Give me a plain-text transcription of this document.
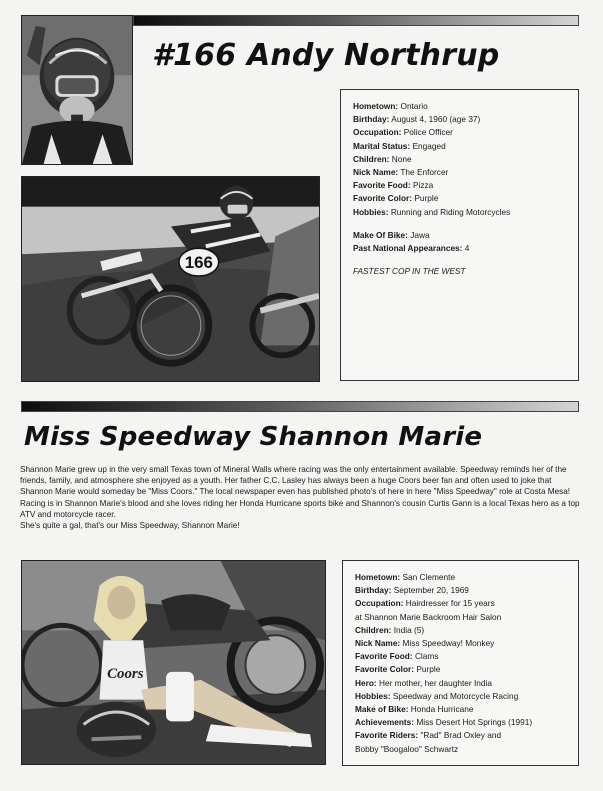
#166 Andy Northrup
166
Hometown: Ontario
Birthday: August 4, 1960 (age 37)
Occupation: Police Officer
Marital Status: Engaged
Children: None
Nick Name: The Enforcer
Favorite Food: Pizza
Favorite Color: Purple
Hobbies: Running and Riding Motorcycles
Make Of Bike: Jawa
Past National Appearances: 4
FASTEST COP IN THE WEST
Miss Speedway Shannon Marie

Shannon Marie grew up in the very small Texas town of Mineral Walls where racing was the only entertainment available. Speedway reminds her of the friends, family, and atmosphere she enjoyed as a youth. Her father C.C. Lasley has always been a huge Coors beer fan and often used to joke that Shannon Marie would someday be "Miss Coors." The local newspaper even has published photo's of here in here "Miss Speedway" role at Costa Mesa!

Racing is in Shannon Marie's blood and she loves riding her Honda Hurricane sports bike and Shannon's cousin Curtis Gann is a local Texas hero as a top ATV and motorcycle racer.

She's quite a gal, that's our Miss Speedway, Shannon Marie!

Coors
Hometown: San Clemente
Birthday: September 20, 1969
Occupation: Hairdresser for 15 years
at Shannon Marie Backroom Hair Salon
Children: India (5)
Nick Name: Miss Speedway! Monkey
Favorite Food: Clams
Favorite Color: Purple
Hero: Her mother, her daughter India
Hobbies: Speedway and Motorcycle Racing
Make of Bike: Honda Hurricane
Achievements: Miss Desert Hot Springs (1991)
Favorite Riders: "Rad" Brad Oxley and
Bobby "Boogaloo" Schwartz
